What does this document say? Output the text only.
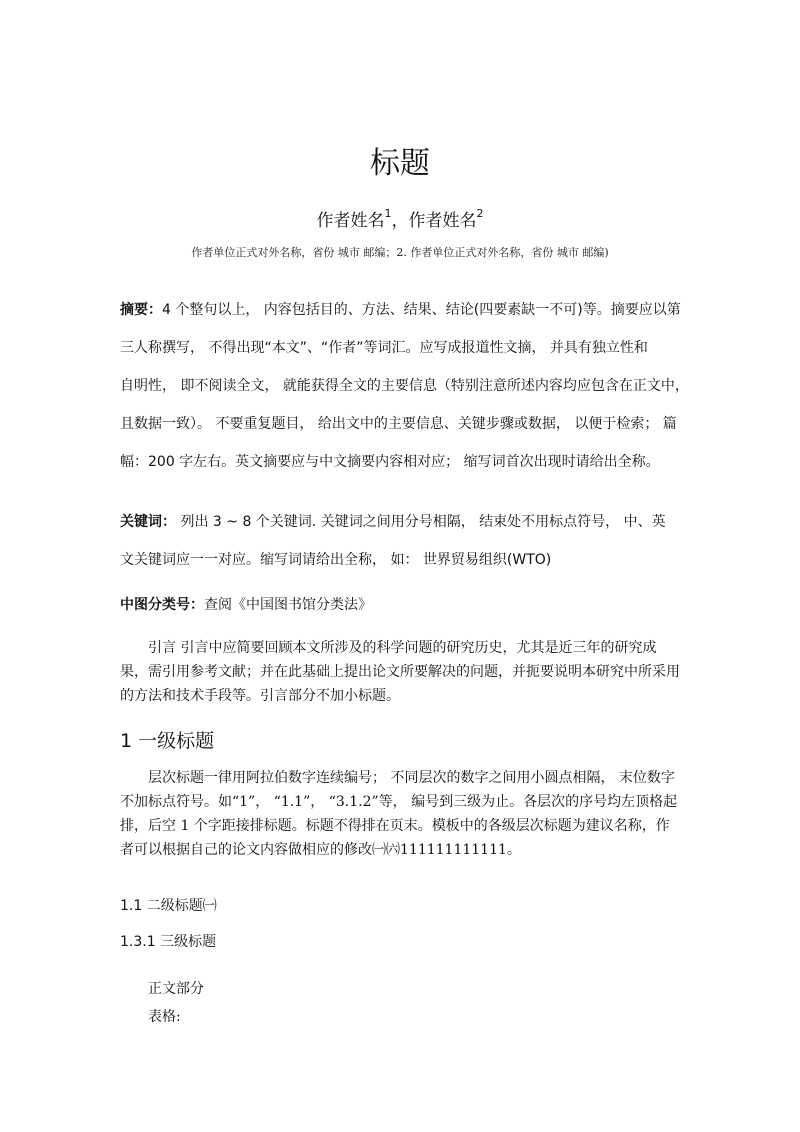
标题
作者姓名$^1$，作者姓名$^2$
作者单位正式对外名称，省份 城市 邮编；2. 作者单位正式对外名称，省份 城市 邮编)
摘要：4 个整句以上， 内容包括目的、方法、结果、结论(四要素缺一不可)等。摘要应以第
三人称撰写， 不得出现“本文”、“作者”等词汇。应写成报道性文摘， 并具有独立性和
自明性， 即不阅读全文， 就能获得全文的主要信息（特别注意所述内容均应包含在正文中，
且数据一致）。 不要重复题目， 给出文中的主要信息、关键步骤或数据， 以便于检索； 篇
幅：200 字左右。英文摘要应与中文摘要内容相对应； 缩写词首次出现时请给出全称。
关键词： 列出 3 ~ 8 个关键词. 关键词之间用分号相隔， 结束处不用标点符号， 中、英
文关键词应一一对应。缩写词请给出全称， 如： 世界贸易组织(WTO)
中图分类号：查阅《中国图书馆分类法》

引言 引言中应简要回顾本文所涉及的科学问题的研究历史，尤其是近三年的研究成果，需引用参考文献；并在此基础上提出论文所要解决的问题，并扼要说明本研究中所采用的方法和技术手段等。引言部分不加小标题。

1 一级标题

层次标题一律用阿拉伯数字连续编号； 不同层次的数字之间用小圆点相隔， 末位数字不加标点符号。如“1”， “1.1”， “3.1.2”等， 编号到三级为止。各层次的序号均左顶格起排，后空 1 个字距接排标题。标题不得排在页末。模板中的各级层次标题为建议名称，作者可以根据自己的论文内容做相应的修改㈠㈥111111111111。

1.1 二级标题㈠
1.3.1 三级标题
正文部分
表格:
